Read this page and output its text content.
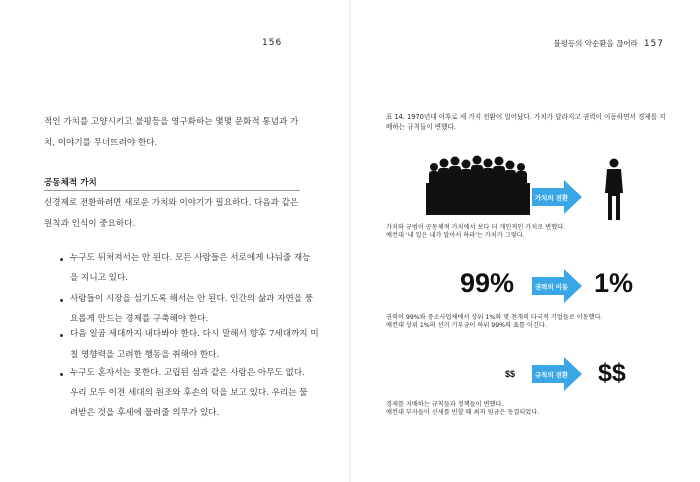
156
적인 가치를 고양시키고 불평등을 영구화하는 몇몇 문화적 통념과 가
치, 이야기를 무너뜨려야 한다.
공동체적 가치
신경제로 전환하려면 새로운 가치와 이야기가 필요하다. 다음과 같은
원칙과 인식이 중요하다.
누구도 뒤처져서는 안 된다. 모든 사람들은 서로에게 나눠줄 재능
을 지니고 있다.
사람들이 시장을 섬기도록 해서는 안 된다. 인간의 삶과 자연을 풍
요롭게 만드는 경제를 구축해야 한다.
다음 일곱 세대까지 내다봐야 한다. 다시 말해서 향후 7세대까지 미
칠 영향력을 고려한 행동을 취해야 한다.
누구도 혼자서는 못한다. 고립된 섬과 같은 사람은 아무도 없다.
우리 모두 이전 세대의 원조와 후손의 덕을 보고 있다. 우리는 물
려받은 것을 후세에 물려줄 의무가 있다.
불평등의 악순환을 끊어라 157
표 14. 1970년대 이후로 세 가지 전환이 일어났다. 가치가 달라지고 권력이 이동하면서 경제를 지
배하는 규칙들이 변했다.
가치의 전환
가치와 규범이 공동체적 가치에서 보다 더 개인적인 가치로 변했다.
예컨대 '내 일은 내가 알아서 하라'는 가치가 그렇다.
99%	권력의 이동 1%
권력이 99%와 중소사업체에서 상위 1%와 몇 천개의 다국적 기업들로 이동했다.
예컨대 상위 1%의 선거 기부금이 하위 99%의 표를 이긴다.
$$	규칙의 전환 $$
경제를 지배하는 규칙들과 정책들이 변했다.
예컨대 부자들이 신세를 빈할 때 최저 임금은 동결되었다.
